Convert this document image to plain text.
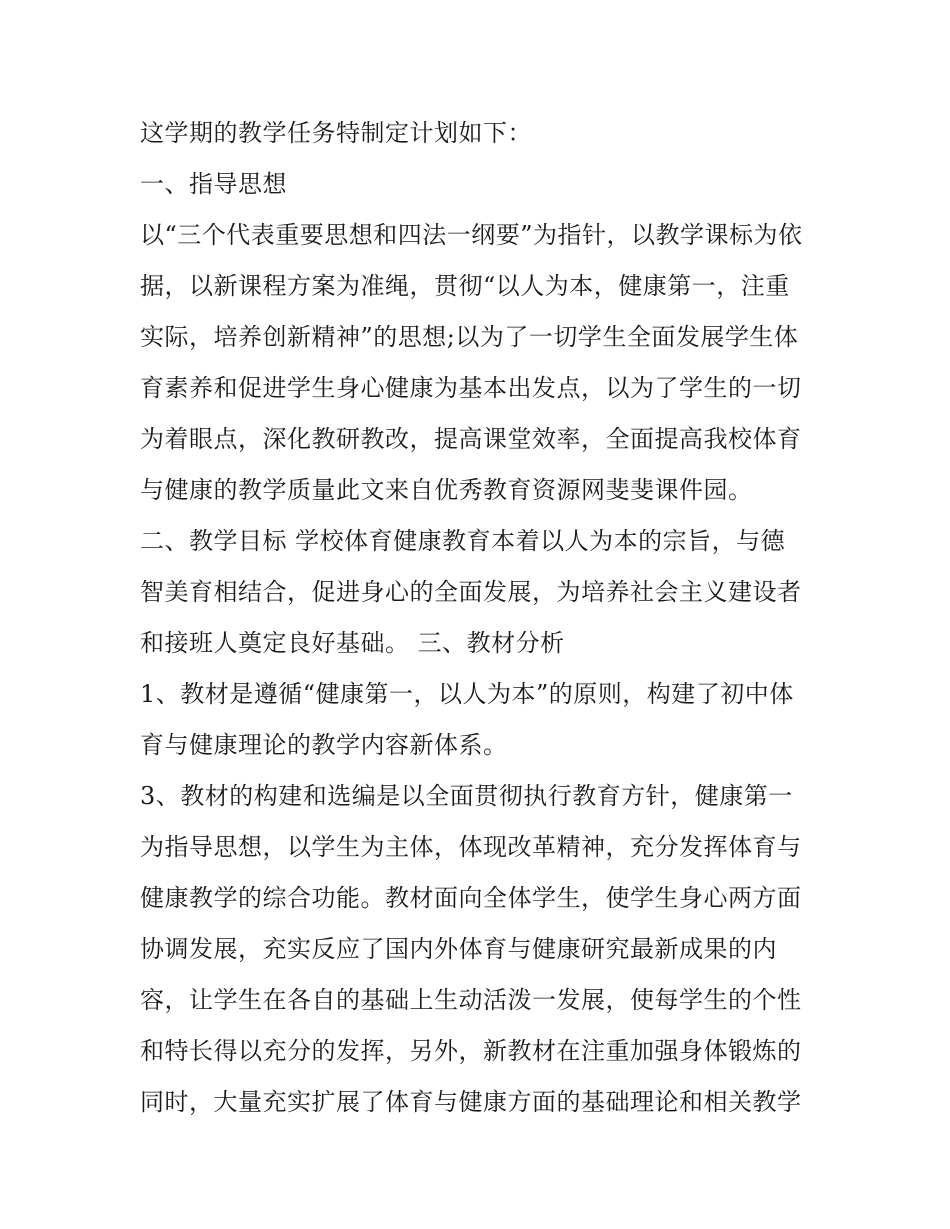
这学期的教学任务特制定计划如下：
一、指导思想
以“三个代表重要思想和四法一纲要”为指针，以教学课标为依
据，以新课程方案为准绳，贯彻“以人为本，健康第一，注重
实际，培养创新精神”的思想;以为了一切学生全面发展学生体
育素养和促进学生身心健康为基本出发点，以为了学生的一切
为着眼点，深化教研教改，提高课堂效率，全面提高我校体育
与健康的教学质量此文来自优秀教育资源网斐斐课件园。
二、教学目标 学校体育健康教育本着以人为本的宗旨，与德
智美育相结合，促进身心的全面发展，为培养社会主义建设者
和接班人奠定良好基础。 三、教材分析
1、教材是遵循“健康第一，以人为本”的原则，构建了初中体
育与健康理论的教学内容新体系。
3、教材的构建和选编是以全面贯彻执行教育方针，健康第一
为指导思想，以学生为主体，体现改革精神，充分发挥体育与
健康教学的综合功能。教材面向全体学生，使学生身心两方面
协调发展，充实反应了国内外体育与健康研究最新成果的内
容，让学生在各自的基础上生动活泼一发展，使每学生的个性
和特长得以充分的发挥，另外，新教材在注重加强身体锻炼的
同时，大量充实扩展了体育与健康方面的基础理论和相关教学
